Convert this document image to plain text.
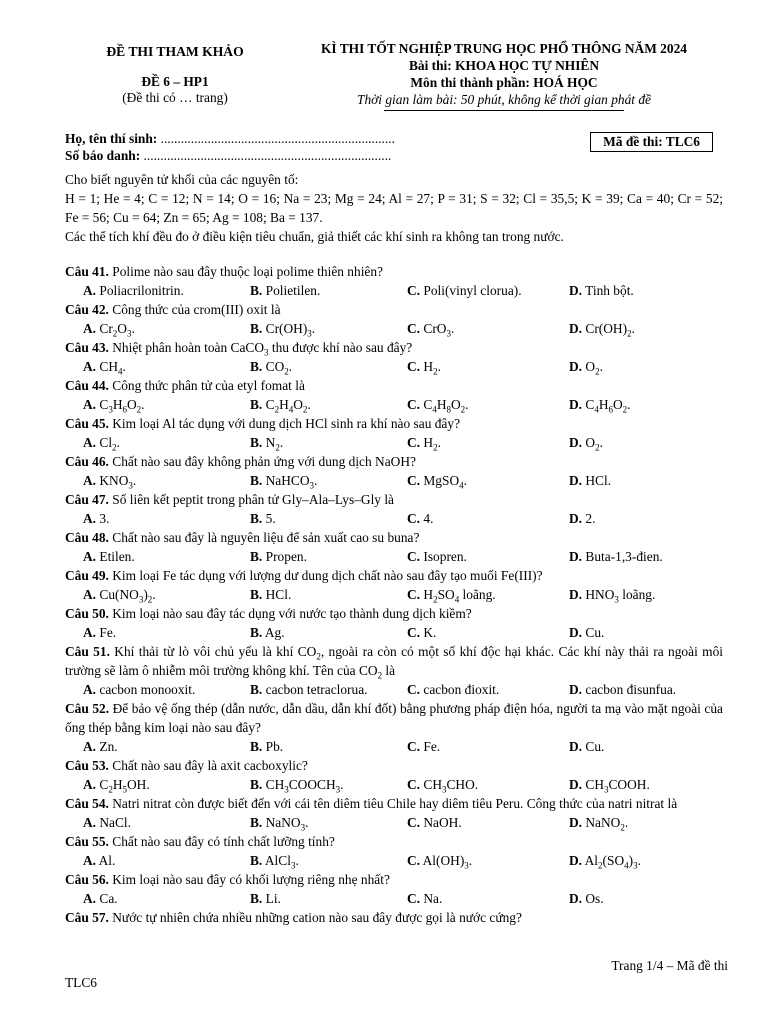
ĐỀ THI THAM KHẢO
ĐỀ 6 – HP1
(Đề thi có … trang)
KÌ THI TỐT NGHIỆP TRUNG HỌC PHỔ THÔNG NĂM 2024
Bài thi: KHOA HỌC TỰ NHIÊN
Môn thi thành phần: HOÁ HỌC
Thời gian làm bài: 50 phút, không kể thời gian phát đề
Họ, tên thí sinh: ......................................................................
Số báo danh: ..........................................................................
Mã đề thi: TLC6
Cho biết nguyên tử khối của các nguyên tố:
H = 1; He = 4; C = 12; N = 14; O = 16; Na = 23; Mg = 24; Al = 27; P = 31; S = 32; Cl = 35,5; K = 39; Ca = 40; Cr = 52; Fe = 56; Cu = 64; Zn = 65; Ag = 108; Ba = 137.
Các thể tích khí đều đo ở điều kiện tiêu chuẩn, giả thiết các khí sinh ra không tan trong nước.
Câu 41. Polime nào sau đây thuộc loại polime thiên nhiên?
A. Poliacrilonitrin.	B. Polietilen.	C. Poli(vinyl clorua).	D. Tinh bột.
Câu 42. Công thức của crom(III) oxit là
A. $Cr_2O_3$.	B. $Cr(OH)_3$.	C. CrO$_3$.	D. $Cr(OH)_2$.
Câu 43. Nhiệt phân hoàn toàn CaCO$_3$ thu được khí nào sau đây?
A. $CH_4$.	B. $CO_2$.	C. $H_2$.	D. $O_2$.
Câu 44. Công thức phân tử của etyl fomat là
A. $C_3H_6O_2$.	B. $C_2H_4O_2$.	C. $C_4H_8O_2$.	D. $C_4H_6O_2$.
Câu 45. Kim loại Al tác dụng với dung dịch HCl sinh ra khí nào sau đây?
A. $Cl_2$.	B. $N_2$.	C. $H_2$.	D. $O_2$.
Câu 46. Chất nào sau đây không phản ứng với dung dịch NaOH?
A. $KNO_3$.	B. NaHCO$_3$.	C. MgSO$_4$.	D. HCl.
Câu 47. Số liên kết peptit trong phân tử Gly–Ala–Lys–Gly là
A. 3.	B. 5.	C. 4.	D. 2.
Câu 48. Chất nào sau đây là nguyên liệu để sản xuất cao su buna?
A. Etilen.	B. Propen.	C. Isopren.	D. Buta-1,3-đien.
Câu 49. Kim loại Fe tác dụng với lượng dư dung dịch chất nào sau đây tạo muối Fe(III)?
A. $Cu(NO_3)_2$.	B. HCl.	C. $H_2SO_4$ loãng.	D. $HNO_3$ loãng.
Câu 50. Kim loại nào sau đây tác dụng với nước tạo thành dung dịch kiềm?
A. Fe.	B. Ag.	C. K.	D. Cu.
Câu 51. Khí thải từ lò vôi chủ yếu là khí $CO_2$, ngoài ra còn có một số khí độc hại khác. Các khí này thải ra ngoài môi trường sẽ làm ô nhiễm môi trường không khí. Tên của $CO_2$ là
A. cacbon monooxit.	B. cacbon tetraclorua.	C. cacbon đioxit.	D. cacbon đisunfua.
Câu 52. Để bảo vệ ống thép (dẫn nước, dẫn dầu, dẫn khí đốt) bằng phương pháp điện hóa, người ta mạ vào mặt ngoài của ống thép bằng kim loại nào sau đây?
A. Zn.	B. Pb.	C. Fe.	D. Cu.
Câu 53. Chất nào sau đây là axit cacboxylic?
A. $C_2H_5OH$.	B. $CH_3COOCH_3$.	C. $CH_3CHO$.	D. $CH_3COOH$.
Câu 54. Natri nitrat còn được biết đến với cái tên diêm tiêu Chile hay diêm tiêu Peru. Công thức của natri nitrat là
A. NaCl.	B. NaNO$_3$.	C. NaOH.	D. NaNO$_2$.
Câu 55. Chất nào sau đây có tính chất lưỡng tính?
A. Al.	B. AlCl$_3$.	C. $Al(OH)_3$.	D. $Al_2(SO_4)_3$.
Câu 56. Kim loại nào sau đây có khối lượng riêng nhẹ nhất?
A. Ca.	B. Li.	C. Na.	D. Os.
Câu 57. Nước tự nhiên chứa nhiều những cation nào sau đây được gọi là nước cứng?
Trang 1/4 – Mã đề thi
TLC6
